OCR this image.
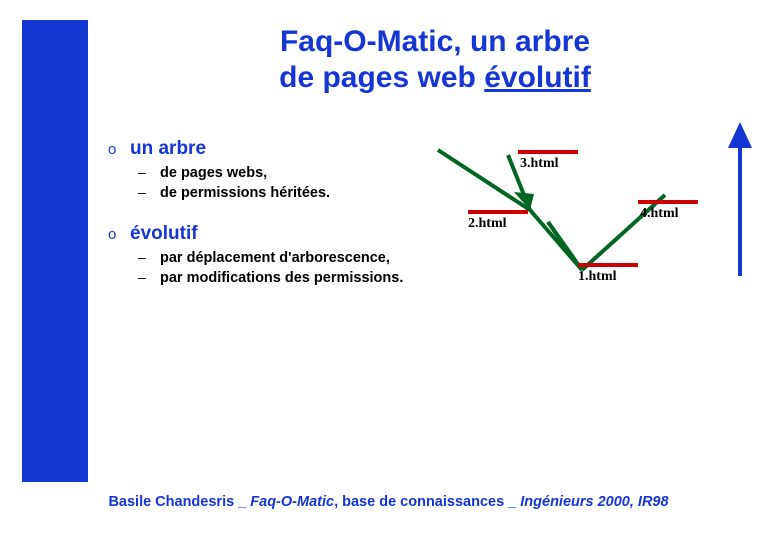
Faq-O-Matic, un arbre
de pages web évolutif
o un arbre
– de pages webs,
– de permissions héritées.
o évolutif
– par déplacement d'arborescence,
– par modifications des permissions.
3.html
2.html
4.html
1.html
Basile Chandesris _ Faq-O-Matic, base de connaissances _ Ingénieurs 2000, IR98
